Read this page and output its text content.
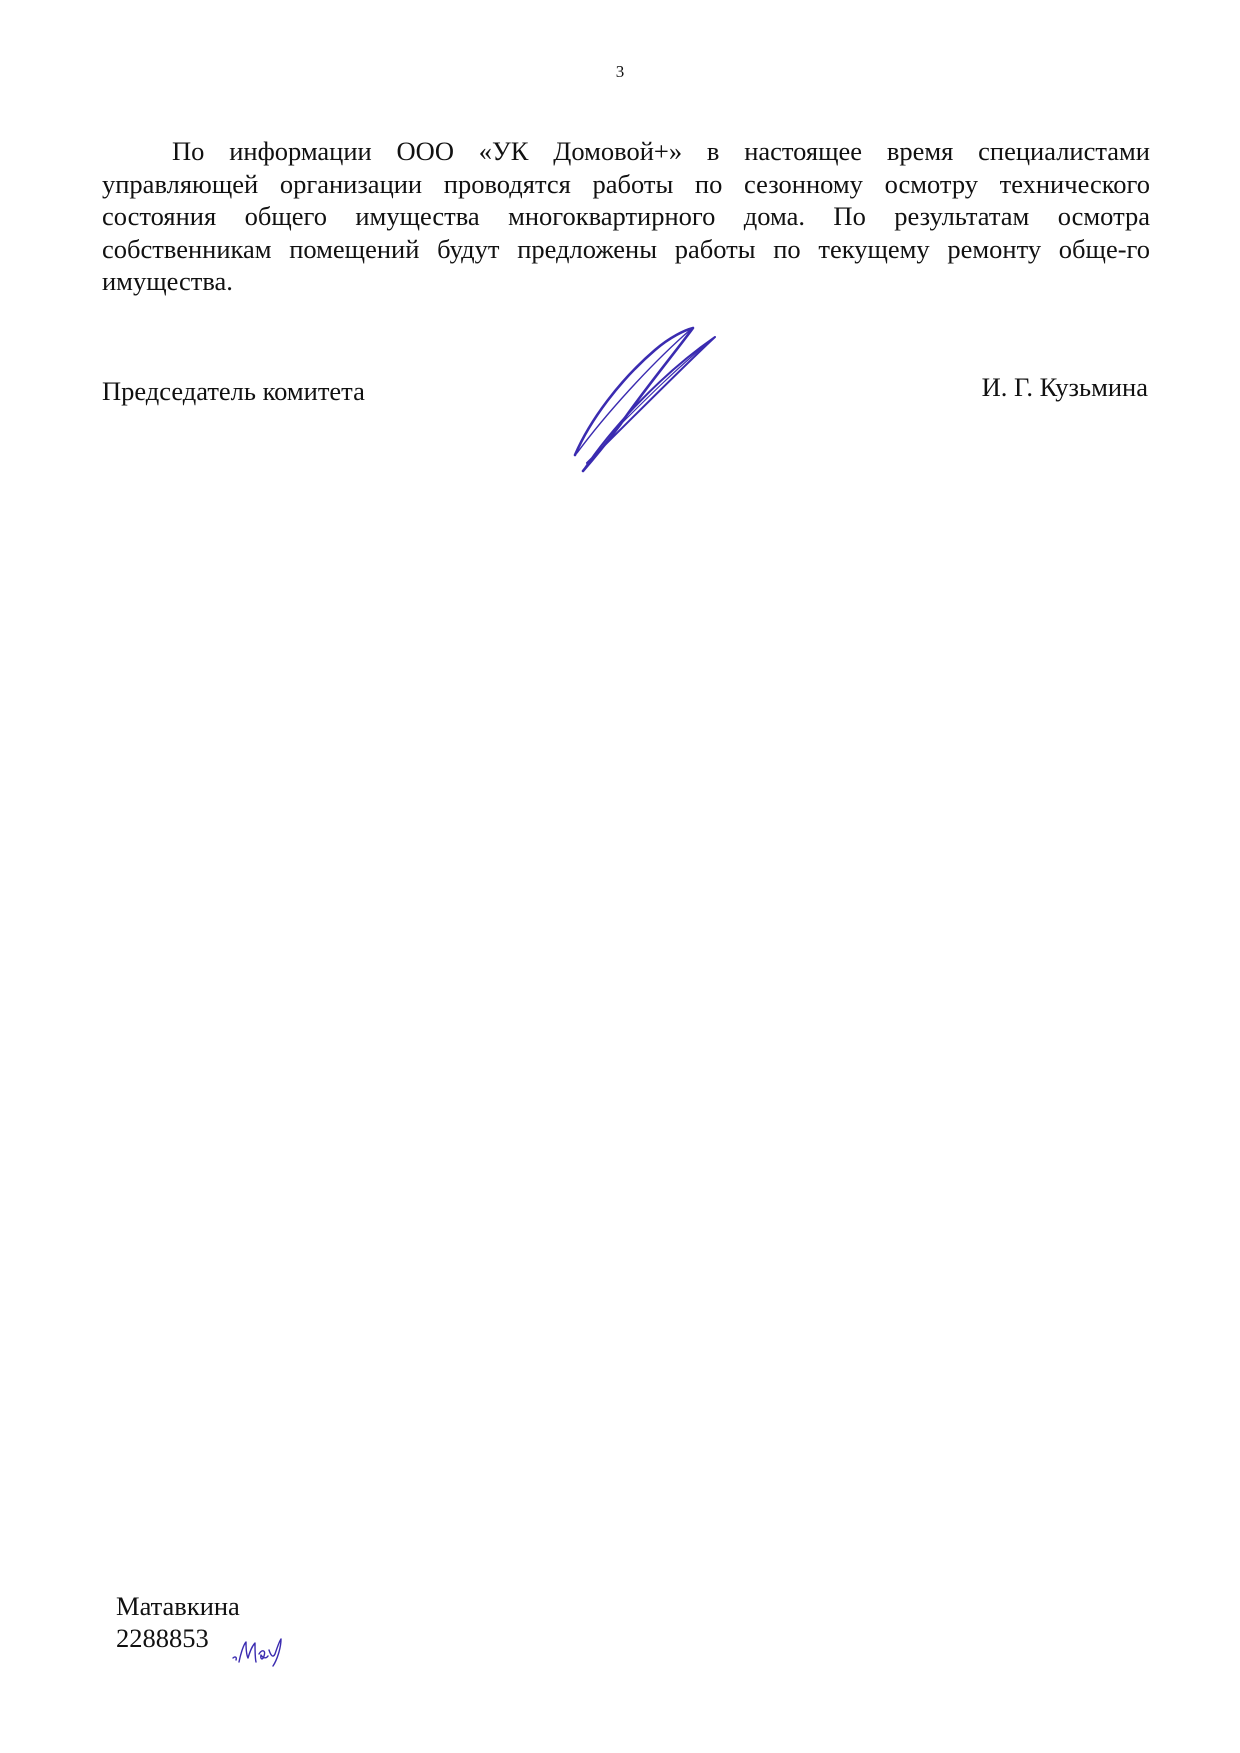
3

По информации ООО «УК Домовой+» в настоящее время специалистами управляющей организации проводятся работы по сезонному осмотру технического состояния общего имущества многоквартирного дома. По результатам осмотра собственникам помещений будут предложены работы по текущему ремонту обще-го имущества.

Председатель комитета	И. Г. Кузьмина
Матавкина
2288853
